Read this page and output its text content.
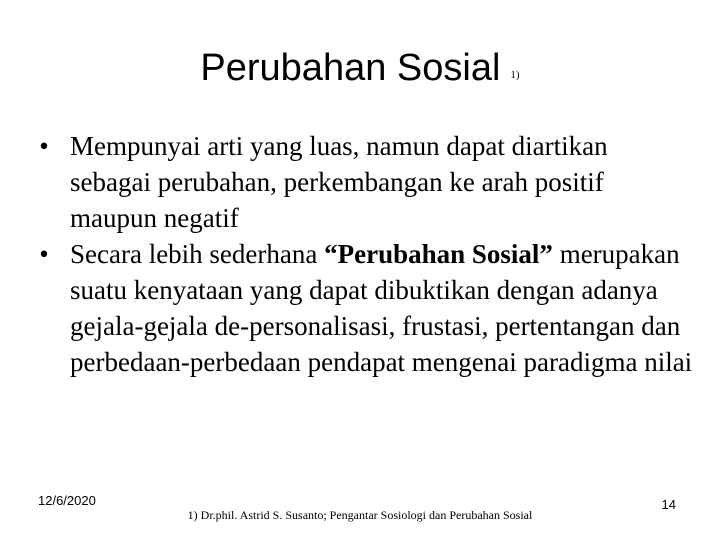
Perubahan Sosial 1)
• Mempunyai arti yang luas, namun dapat diartikan sebagai perubahan, perkembangan ke arah positif maupun negatif
• Secara lebih sederhana “Perubahan Sosial” merupakan suatu kenyataan yang dapat dibuktikan dengan adanya gejala-gejala de-personalisasi, frustasi, pertentangan dan perbedaan-perbedaan pendapat mengenai paradigma nilai
12/6/2020
1) Dr.phil. Astrid S. Susanto; Pengantar Sosiologi dan Perubahan Sosial
14
